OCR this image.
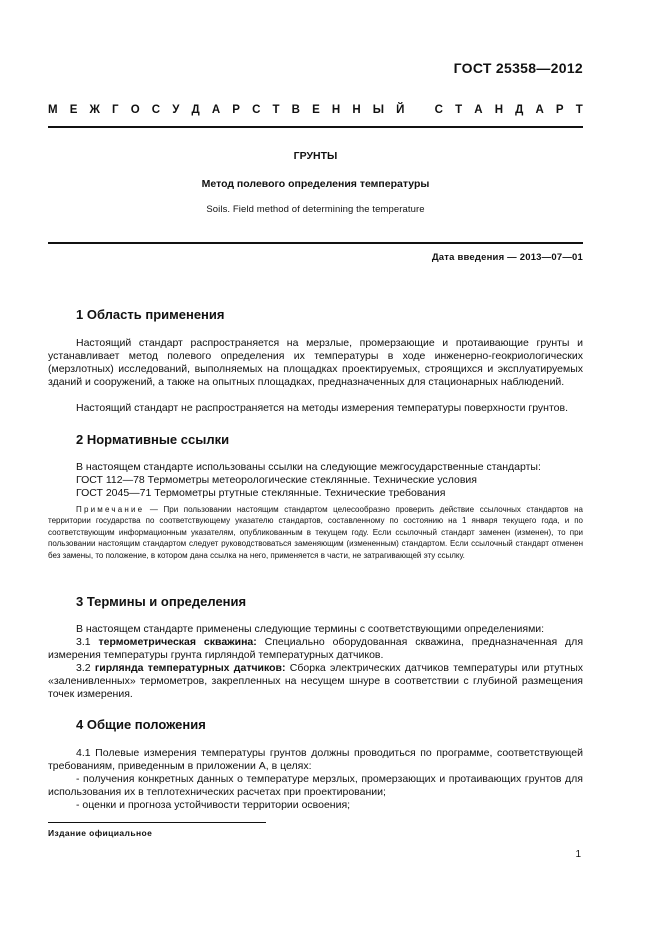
ГОСТ 25358—2012
М Е Ж Г О С У Д А Р С Т В Е Н Н Ы Й	С Т А Н Д А Р Т
ГРУНТЫ
Метод полевого определения температуры
Soils. Field method of determining the temperature
Дата введения — 2013—07—01
1 Область применения

Настоящий стандарт распространяется на мерзлые, промерзающие и протаивающие грунты и устанавливает метод полевого определения их температуры в ходе инженерно-геокриологических (мерзлотных) исследований, выполняемых на площадках проектируемых, строящихся и эксплуатируемых зданий и сооружений, а также на опытных площадках, предназначенных для стационарных наблюдений.

Настоящий стандарт не распространяется на методы измерения температуры поверхности грунтов.

2 Нормативные ссылки

В настоящем стандарте использованы ссылки на следующие межгосударственные стандарты:

ГОСТ 112—78 Термометры метеорологические стеклянные. Технические условия
ГОСТ 2045—71 Термометры ртутные стеклянные. Технические требования

Примечание — При пользовании настоящим стандартом целесообразно проверить действие ссылочных стандартов на территории государства по соответствующему указателю стандартов, составленному по состоянию на 1 января текущего года, и по соответствующим информационным указателям, опубликованным в текущем году. Если ссылочный стандарт заменен (изменен), то при пользовании настоящим стандартом следует руководствоваться заменяющим (измененным) стандартом. Если ссылочный стандарт отменен без замены, то положение, в котором дана ссылка на него, применяется в части, не затрагивающей эту ссылку.

3 Термины и определения

В настоящем стандарте применены следующие термины с соответствующими определениями:

3.1 термометрическая скважина: Специально оборудованная скважина, предназначенная для измерения температуры грунта гирляндой температурных датчиков.

3.2 гирлянда температурных датчиков: Сборка электрических датчиков температуры или ртутных «заленивленных» термометров, закрепленных на несущем шнуре в соответствии с глубиной размещения точек измерения.

4 Общие положения

4.1 Полевые измерения температуры грунтов должны проводиться по программе, соответствующей требованиям, приведенным в приложении А, в целях:

- получения конкретных данных о температуре мерзлых, промерзающих и протаивающих грунтов для использования их в теплотехнических расчетах при проектировании;

- оценки и прогноза устойчивости территории освоения;

Издание официальное
1
